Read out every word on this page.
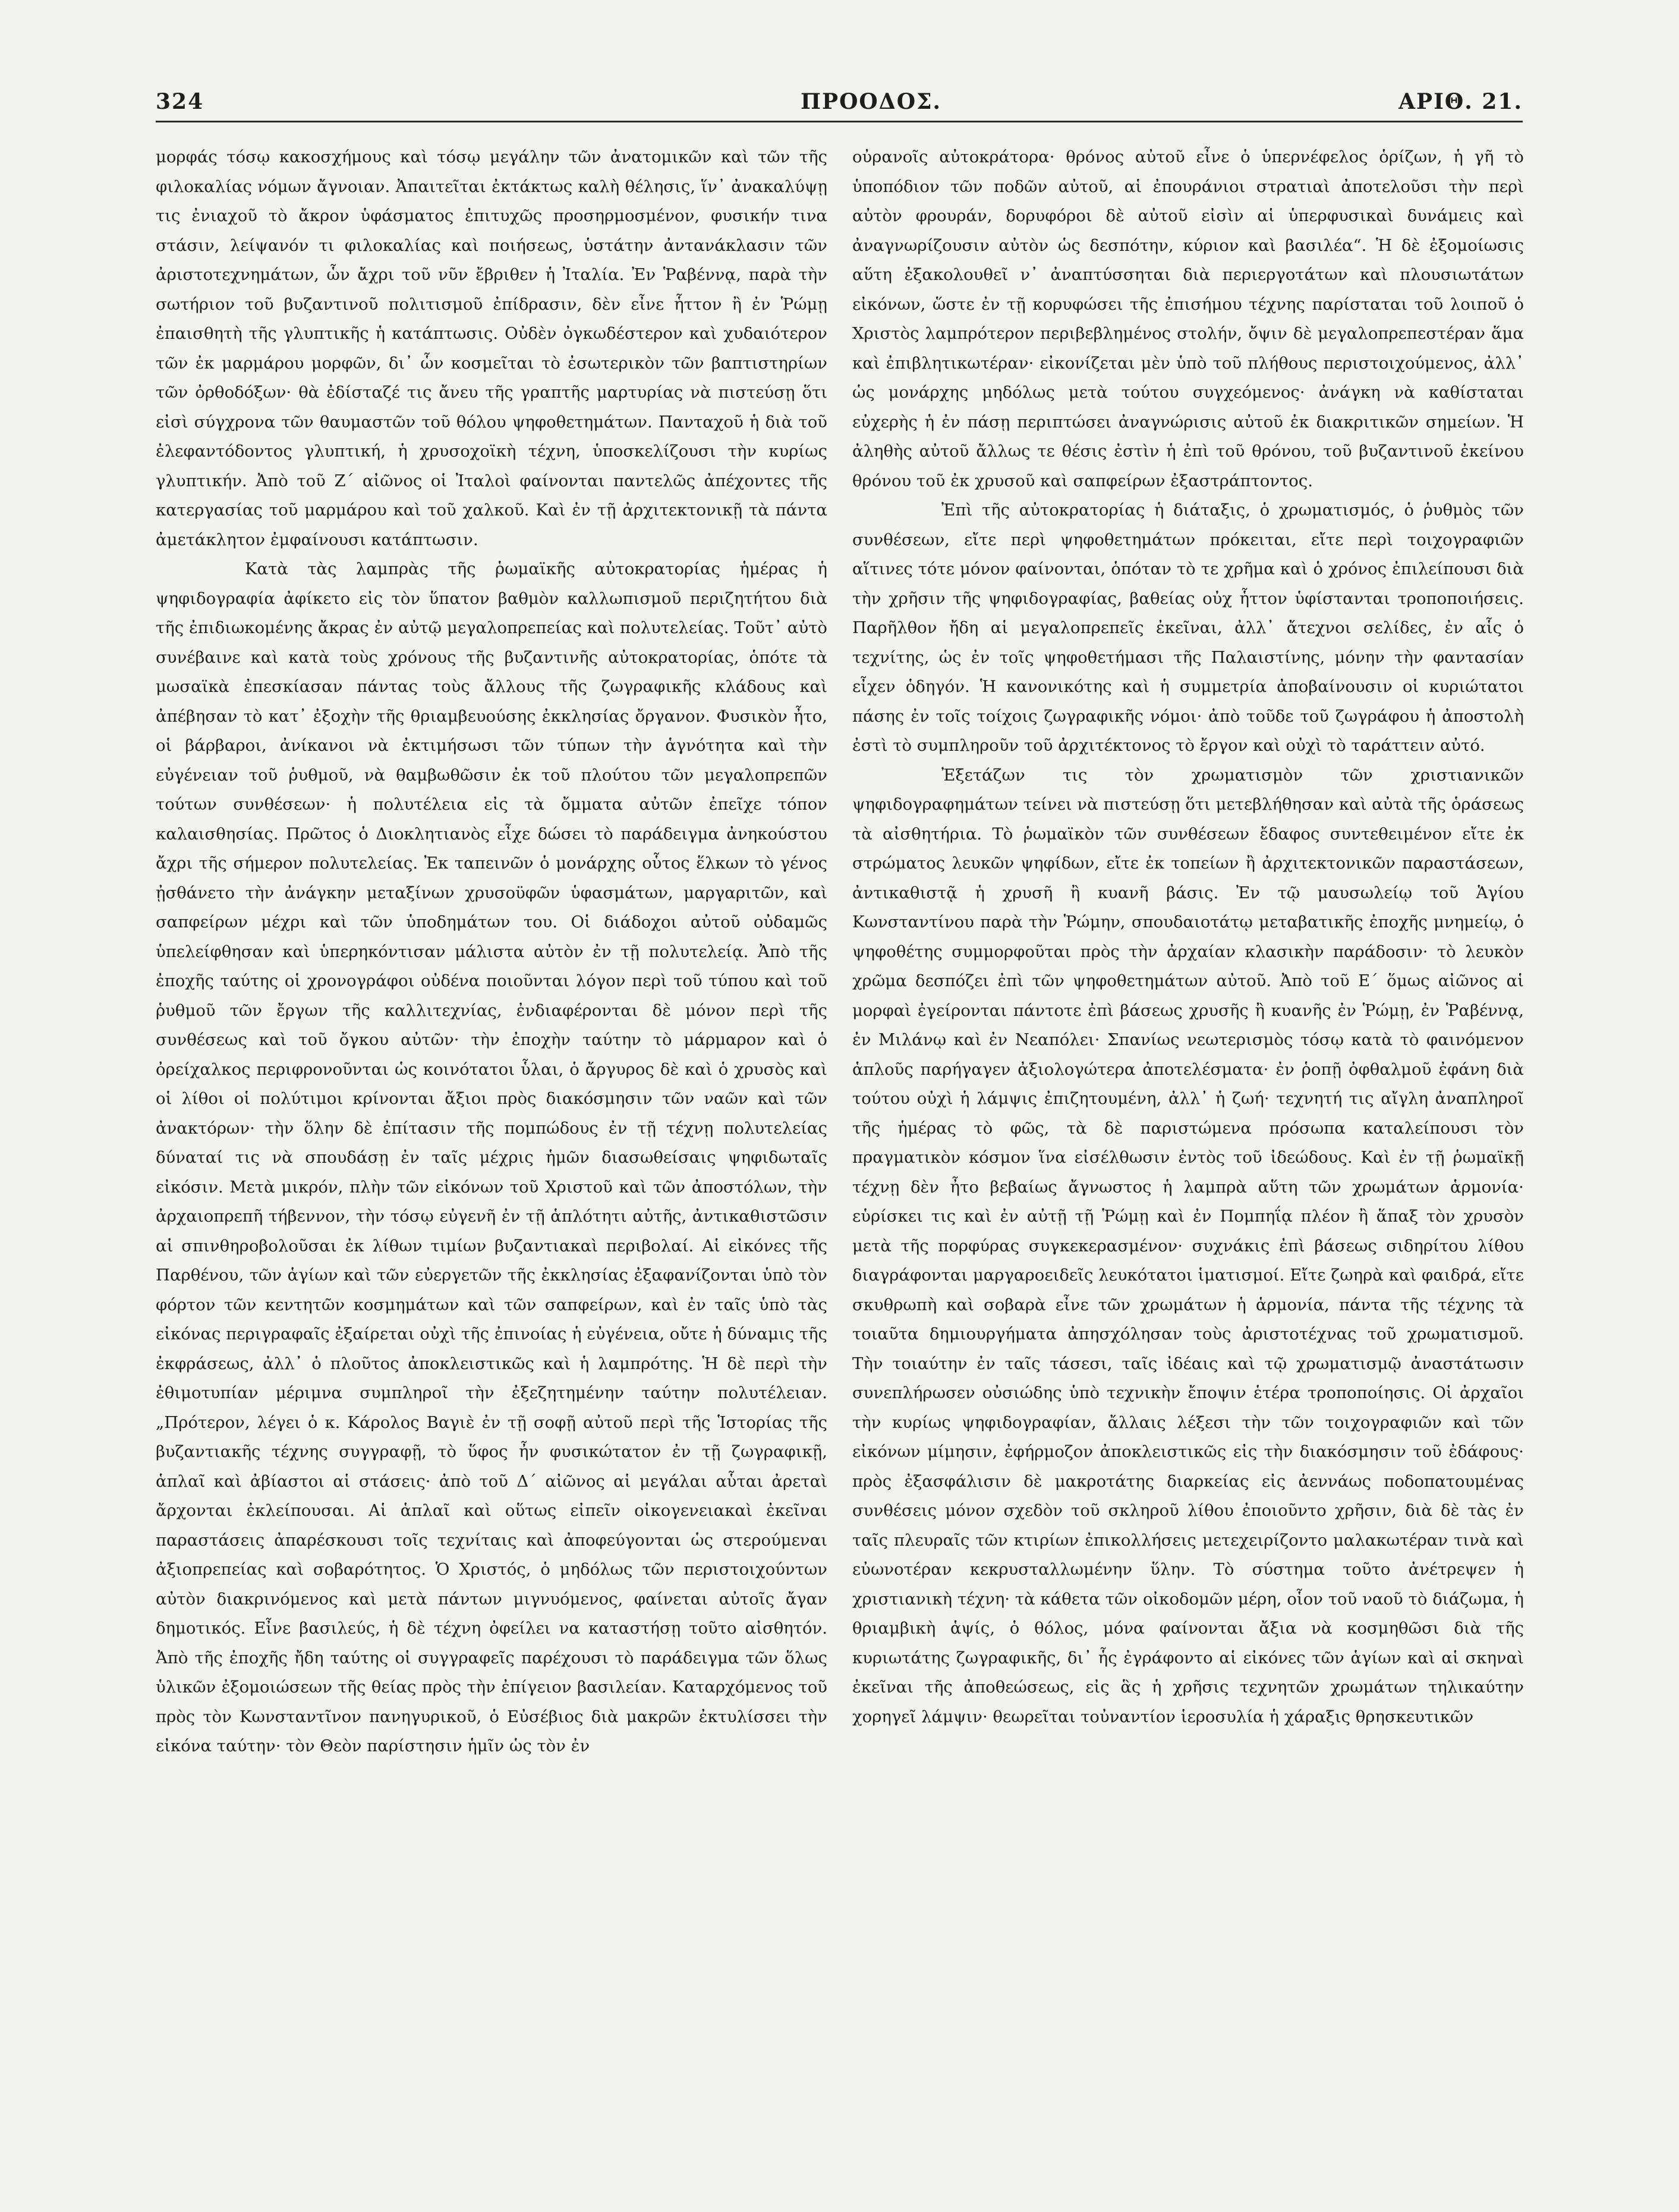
324	ΠΡΟΟΔΟΣ.	ΑΡΙΘ. 21.

μορφάς τόσῳ κακοσχήμους καὶ τόσῳ μεγάλην τῶν ἀνατομικῶν καὶ τῶν τῆς φιλοκαλίας νόμων ἄγνοιαν. Ἀπαιτεῖται ἐκτάκτως καλὴ θέλησις, ἵν᾿ ἀνακαλύψῃ τις ἐνιαχοῦ τὸ ἄκρον ὑφάσματος ἐπιτυχῶς προσηρμοσμένον, φυσικήν τινα στάσιν, λείψανόν τι φιλοκαλίας καὶ ποιήσεως, ὑστάτην ἀντανάκλασιν τῶν ἀριστοτεχνημάτων, ὧν ἄχρι τοῦ νῦν ἔβριθεν ἡ Ἰταλία. Ἐν Ῥαβέννᾳ, παρὰ τὴν σωτήριον τοῦ βυζαντινοῦ πολιτισμοῦ ἐπίδρασιν, δὲν εἶνε ἧττον ἢ ἐν Ῥώμῃ ἐπαισθητὴ τῆς γλυπτικῆς ἡ κατάπτωσις. Οὐδὲν ὀγκωδέστερον καὶ χυδαιότερον τῶν ἐκ μαρμάρου μορφῶν, δι᾿ ὧν κοσμεῖται τὸ ἐσωτερικὸν τῶν βαπτιστηρίων τῶν ὀρθοδόξων· θὰ ἐδίσταζέ τις ἄνευ τῆς γραπτῆς μαρτυρίας νὰ πιστεύσῃ ὅτι εἰσὶ σύγχρονα τῶν θαυμαστῶν τοῦ θόλου ψηφοθετημάτων. Πανταχοῦ ἡ διὰ τοῦ ἐλεφαντόδοντος γλυπτική, ἡ χρυσοχοϊκὴ τέχνη, ὑποσκελίζουσι τὴν κυρίως γλυπτικήν. Ἀπὸ τοῦ Ζ΄ αἰῶνος οἱ Ἰταλοὶ φαίνονται παντελῶς ἀπέχοντες τῆς κατεργασίας τοῦ μαρμάρου καὶ τοῦ χαλκοῦ. Καὶ ἐν τῇ ἀρχιτεκτονικῇ τὰ πάντα ἀμετάκλητον ἐμφαίνουσι κατάπτωσιν.

Κατὰ τὰς λαμπρὰς τῆς ῥωμαϊκῆς αὐτοκρατορίας ἡμέρας ἡ ψηφιδογραφία ἀφίκετο εἰς τὸν ὕπατον βαθμὸν καλλωπισμοῦ περιζητήτου διὰ τῆς ἐπιδιωκομένης ἄκρας ἐν αὐτῷ μεγαλοπρεπείας καὶ πολυτελείας. Τοῦτ᾿ αὐτὸ συνέβαινε καὶ κατὰ τοὺς χρόνους τῆς βυζαντινῆς αὐτοκρατορίας, ὁπότε τὰ μωσαϊκὰ ἐπεσκίασαν πάντας τοὺς ἄλλους τῆς ζωγραφικῆς κλάδους καὶ ἀπέβησαν τὸ κατ᾿ ἐξοχὴν τῆς θριαμβευούσης ἐκκλησίας ὄργανον. Φυσικὸν ἦτο, οἱ βάρβαροι, ἀνίκανοι νὰ ἐκτιμήσωσι τῶν τύπων τὴν ἁγνότητα καὶ τὴν εὐγένειαν τοῦ ῥυθμοῦ, νὰ θαμβωθῶσιν ἐκ τοῦ πλούτου τῶν μεγαλοπρεπῶν τούτων συνθέσεων· ἡ πολυτέλεια εἰς τὰ ὄμματα αὐτῶν ἐπεῖχε τόπον καλαισθησίας. Πρῶτος ὁ Διοκλητιανὸς εἶχε δώσει τὸ παράδειγμα ἀνηκούστου ἄχρι τῆς σήμερον πολυτελείας. Ἐκ ταπεινῶν ὁ μονάρχης οὗτος ἕλκων τὸ γένος ᾐσθάνετο τὴν ἀνάγκην μεταξίνων χρυσοϋφῶν ὑφασμάτων, μαργαριτῶν, καὶ σαπφείρων μέχρι καὶ τῶν ὑποδημάτων του. Οἱ διάδοχοι αὐτοῦ οὐδαμῶς ὑπελείφθησαν καὶ ὑπερηκόντισαν μάλιστα αὐτὸν ἐν τῇ πολυτελείᾳ. Ἀπὸ τῆς ἐποχῆς ταύτης οἱ χρονογράφοι οὐδένα ποιοῦνται λόγον περὶ τοῦ τύπου καὶ τοῦ ῥυθμοῦ τῶν ἔργων τῆς καλλιτεχνίας, ἐνδιαφέρονται δὲ μόνον περὶ τῆς συνθέσεως καὶ τοῦ ὄγκου αὐτῶν· τὴν ἐποχὴν ταύτην τὸ μάρμαρον καὶ ὁ ὀρείχαλκος περιφρονοῦνται ὡς κοινότατοι ὗλαι, ὁ ἄργυρος δὲ καὶ ὁ χρυσὸς καὶ οἱ λίθοι οἱ πολύτιμοι κρίνονται ἄξιοι πρὸς διακόσμησιν τῶν ναῶν καὶ τῶν ἀνακτόρων· τὴν ὅλην δὲ ἐπίτασιν τῆς πομπώδους ἐν τῇ τέχνῃ πολυτελείας δύναταί τις νὰ σπουδάσῃ ἐν ταῖς μέχρις ἡμῶν διασωθείσαις ψηφιδωταῖς εἰκόσιν. Μετὰ μικρόν, πλὴν τῶν εἰκόνων τοῦ Χριστοῦ καὶ τῶν ἀποστόλων, τὴν ἀρχαιοπρεπῆ τήβεννον, τὴν τόσῳ εὐγενῆ ἐν τῇ ἁπλότητι αὐτῆς, ἀντικαθιστῶσιν αἱ σπινθηροβολοῦσαι ἐκ λίθων τιμίων βυζαντιακαὶ περιβολαί. Αἱ εἰκόνες τῆς Παρθένου, τῶν ἁγίων καὶ τῶν εὐεργετῶν τῆς ἐκκλησίας ἐξαφανίζονται ὑπὸ τὸν φόρτον τῶν κεντητῶν κοσμημάτων καὶ τῶν σαπφείρων, καὶ ἐν ταῖς ὑπὸ τὰς εἰκόνας περιγραφαῖς ἐξαίρεται οὐχὶ τῆς ἐπινοίας ἡ εὐγένεια, οὔτε ἡ δύναμις τῆς ἐκφράσεως, ἀλλ᾿ ὁ πλοῦτος ἀποκλειστικῶς καὶ ἡ λαμπρότης. Ἡ δὲ περὶ τὴν ἐθιμοτυπίαν μέριμνα συμπληροῖ τὴν ἐξεζητημένην ταύτην πολυτέλειαν. „Πρότερον, λέγει ὁ κ. Κάρολος Βαγιὲ ἐν τῇ σοφῇ αὐτοῦ περὶ τῆς Ἱστορίας τῆς βυζαντιακῆς τέχνης συγγραφῇ, τὸ ὕφος ἦν φυσικώτατον ἐν τῇ ζωγραφικῇ, ἁπλαῖ καὶ ἀβίαστοι αἱ στάσεις· ἀπὸ τοῦ Δ΄ αἰῶνος αἱ μεγάλαι αὗται ἀρεταὶ ἄρχονται ἐκλείπουσαι. Αἱ ἁπλαῖ καὶ οὕτως εἰπεῖν οἰκογενειακαὶ ἐκεῖναι παραστάσεις ἀπαρέσκουσι τοῖς τεχνίταις καὶ ἀποφεύγονται ὡς στερούμεναι ἀξιοπρεπείας καὶ σοβαρότητος. Ὁ Χριστός, ὁ μηδόλως τῶν περιστοιχούντων αὐτὸν διακρινόμενος καὶ μετὰ πάντων μιγνυόμενος, φαίνεται αὐτοῖς ἄγαν δημοτικός. Εἶνε βασιλεύς, ἡ δὲ τέχνη ὀφείλει να καταστήσῃ τοῦτο αἰσθητόν. Ἀπὸ τῆς ἐποχῆς ἤδη ταύτης οἱ συγγραφεῖς παρέχουσι τὸ παράδειγμα τῶν ὅλως ὑλικῶν ἐξομοιώσεων τῆς θείας πρὸς τὴν ἐπίγειον βασιλείαν. Καταρχόμενος τοῦ πρὸς τὸν Κωνσταντῖνον πανηγυρικοῦ, ὁ Εὐσέβιος διὰ μακρῶν ἐκτυλίσσει τὴν εἰκόνα ταύτην· τὸν Θεὸν παρίστησιν ἡμῖν ὡς τὸν ἐν

οὐρανοῖς αὐτοκράτορα· θρόνος αὐτοῦ εἶνε ὁ ὑπερνέφελος ὁρίζων, ἡ γῆ τὸ ὑποπόδιον τῶν ποδῶν αὐτοῦ, αἱ ἐπουράνιοι στρατιαὶ ἀποτελοῦσι τὴν περὶ αὐτὸν φρουράν, δορυφόροι δὲ αὐτοῦ εἰσὶν αἱ ὑπερφυσικαὶ δυνάμεις καὶ ἀναγνωρίζουσιν αὐτὸν ὡς δεσπότην, κύριον καὶ βασιλέα“. Ἡ δὲ ἐξομοίωσις αὕτη ἐξακολουθεῖ ν᾿ ἀναπτύσσηται διὰ περιεργοτάτων καὶ πλουσιωτάτων εἰκόνων, ὥστε ἐν τῇ κορυφώσει τῆς ἐπισήμου τέχνης παρίσταται τοῦ λοιποῦ ὁ Χριστὸς λαμπρότερον περιβεβλημένος στολήν, ὄψιν δὲ μεγαλοπρεπεστέραν ἅμα καὶ ἐπιβλητικωτέραν· εἰκονίζεται μὲν ὑπὸ τοῦ πλήθους περιστοιχούμενος, ἀλλ᾿ ὡς μονάρχης μηδόλως μετὰ τούτου συγχεόμενος· ἀνάγκη νὰ καθίσταται εὐχερὴς ἡ ἐν πάσῃ περιπτώσει ἀναγνώρισις αὐτοῦ ἐκ διακριτικῶν σημείων. Ἡ ἀληθὴς αὐτοῦ ἄλλως τε θέσις ἐστὶν ἡ ἐπὶ τοῦ θρόνου, τοῦ βυζαντινοῦ ἐκείνου θρόνου τοῦ ἐκ χρυσοῦ καὶ σαπφείρων ἐξαστράπτοντος.

Ἐπὶ τῆς αὐτοκρατορίας ἡ διάταξις, ὁ χρωματισμός, ὁ ῥυθμὸς τῶν συνθέσεων, εἴτε περὶ ψηφοθετημάτων πρόκειται, εἴτε περὶ τοιχογραφιῶν αἵτινες τότε μόνον φαίνονται, ὁπόταν τὸ τε χρῆμα καὶ ὁ χρόνος ἐπιλείπουσι διὰ τὴν χρῆσιν τῆς ψηφιδογραφίας, βαθείας οὐχ ἧττον ὑφίστανται τροποποιήσεις. Παρῆλθον ἤδη αἱ μεγαλοπρεπεῖς ἐκεῖναι, ἀλλ᾿ ἄτεχνοι σελίδες, ἐν αἷς ὁ τεχνίτης, ὡς ἐν τοῖς ψηφοθετήμασι τῆς Παλαιστίνης, μόνην τὴν φαντασίαν εἶχεν ὁδηγόν. Ἡ κανονικότης καὶ ἡ συμμετρία ἀποβαίνουσιν οἱ κυριώτατοι πάσης ἐν τοῖς τοίχοις ζωγραφικῆς νόμοι· ἀπὸ τοῦδε τοῦ ζωγράφου ἡ ἀποστολὴ ἐστὶ τὸ συμπληροῦν τοῦ ἀρχιτέκτονος τὸ ἔργον καὶ οὐχὶ τὸ ταράττειν αὐτό.

Ἐξετάζων τις τὸν χρωματισμὸν τῶν χριστιανικῶν ψηφιδογραφημάτων τείνει νὰ πιστεύσῃ ὅτι μετεβλήθησαν καὶ αὐτὰ τῆς ὁράσεως τὰ αἰσθητήρια. Τὸ ῥωμαϊκὸν τῶν συνθέσεων ἔδαφος συντεθειμένον εἴτε ἐκ στρώματος λευκῶν ψηφίδων, εἴτε ἐκ τοπείων ἢ ἀρχιτεκτονικῶν παραστάσεων, ἀντικαθιστᾷ ἡ χρυσῆ ἢ κυανῆ βάσις. Ἐν τῷ μαυσωλείῳ τοῦ Ἁγίου Κωνσταντίνου παρὰ τὴν Ῥώμην, σπουδαιοτάτῳ μεταβατικῆς ἐποχῆς μνημείῳ, ὁ ψηφοθέτης συμμορφοῦται πρὸς τὴν ἀρχαίαν κλασικὴν παράδοσιν· τὸ λευκὸν χρῶμα δεσπόζει ἐπὶ τῶν ψηφοθετημάτων αὐτοῦ. Ἀπὸ τοῦ Ε΄ ὅμως αἰῶνος αἱ μορφαὶ ἐγείρονται πάντοτε ἐπὶ βάσεως χρυσῆς ἢ κυανῆς ἐν Ῥώμῃ, ἐν Ῥαβέννᾳ, ἐν Μιλάνῳ καὶ ἐν Νεαπόλει· Σπανίως νεωτερισμὸς τόσῳ κατὰ τὸ φαινόμενον ἁπλοῦς παρήγαγεν ἀξιολογώτερα ἀποτελέσματα· ἐν ῥοπῇ ὀφθαλμοῦ ἐφάνη διὰ τούτου οὐχὶ ἡ λάμψις ἐπιζητουμένη, ἀλλ᾿ ἡ ζωή· τεχνητή τις αἴγλη ἀναπληροῖ τῆς ἡμέρας τὸ φῶς, τὰ δὲ παριστώμενα πρόσωπα καταλείπουσι τὸν πραγματικὸν κόσμον ἵνα εἰσέλθωσιν ἐντὸς τοῦ ἰδεώδους. Καὶ ἐν τῇ ῥωμαϊκῇ τέχνῃ δὲν ἦτο βεβαίως ἄγνωστος ἡ λαμπρὰ αὕτη τῶν χρωμάτων ἁρμονία· εὑρίσκει τις καὶ ἐν αὐτῇ τῇ Ῥώμῃ καὶ ἐν Πομπηΐᾳ πλέον ἢ ἅπαξ τὸν χρυσὸν μετὰ τῆς πορφύρας συγκεκερασμένον· συχνάκις ἐπὶ βάσεως σιδηρίτου λίθου διαγράφονται μαργαροειδεῖς λευκότατοι ἱματισμοί. Εἴτε ζωηρὰ καὶ φαιδρά, εἴτε σκυθρωπὴ καὶ σοβαρὰ εἶνε τῶν χρωμάτων ἡ ἁρμονία, πάντα τῆς τέχνης τὰ τοιαῦτα δημιουργήματα ἀπησχόλησαν τοὺς ἀριστοτέχνας τοῦ χρωματισμοῦ. Τὴν τοιαύτην ἐν ταῖς τάσεσι, ταῖς ἰδέαις καὶ τῷ χρωματισμῷ ἀναστάτωσιν συνεπλήρωσεν οὐσιώδης ὑπὸ τεχνικὴν ἔποψιν ἑτέρα τροποποίησις. Οἱ ἀρχαῖοι τὴν κυρίως ψηφιδογραφίαν, ἄλλαις λέξεσι τὴν τῶν τοιχογραφιῶν καὶ τῶν εἰκόνων μίμησιν, ἐφήρμοζον ἀποκλειστικῶς εἰς τὴν διακόσμησιν τοῦ ἐδάφους· πρὸς ἐξασφάλισιν δὲ μακροτάτης διαρκείας εἰς ἀεννάως ποδοπατουμένας συνθέσεις μόνον σχεδὸν τοῦ σκληροῦ λίθου ἐποιοῦντο χρῆσιν, διὰ δὲ τὰς ἐν ταῖς πλευραῖς τῶν κτιρίων ἐπικολλήσεις μετεχειρίζοντο μαλακωτέραν τινὰ καὶ εὐωνοτέραν κεκρυσταλλωμένην ὕλην. Τὸ σύστημα τοῦτο ἀνέτρεψεν ἡ χριστιανικὴ τέχνη· τὰ κάθετα τῶν οἰκοδομῶν μέρη, οἷον τοῦ ναοῦ τὸ διάζωμα, ἡ θριαμβικὴ ἁψίς, ὁ θόλος, μόνα φαίνονται ἄξια νὰ κοσμηθῶσι διὰ τῆς κυριωτάτης ζωγραφικῆς, δι᾿ ἧς ἐγράφοντο αἱ εἰκόνες τῶν ἁγίων καὶ αἱ σκηναὶ ἐκεῖναι τῆς ἀποθεώσεως, εἰς ἃς ἡ χρῆσις τεχνητῶν χρωμάτων τηλικαύτην χορηγεῖ λάμψιν· θεωρεῖται τοὐναντίον ἱεροσυλία ἡ χάραξις θρησκευτικῶν
